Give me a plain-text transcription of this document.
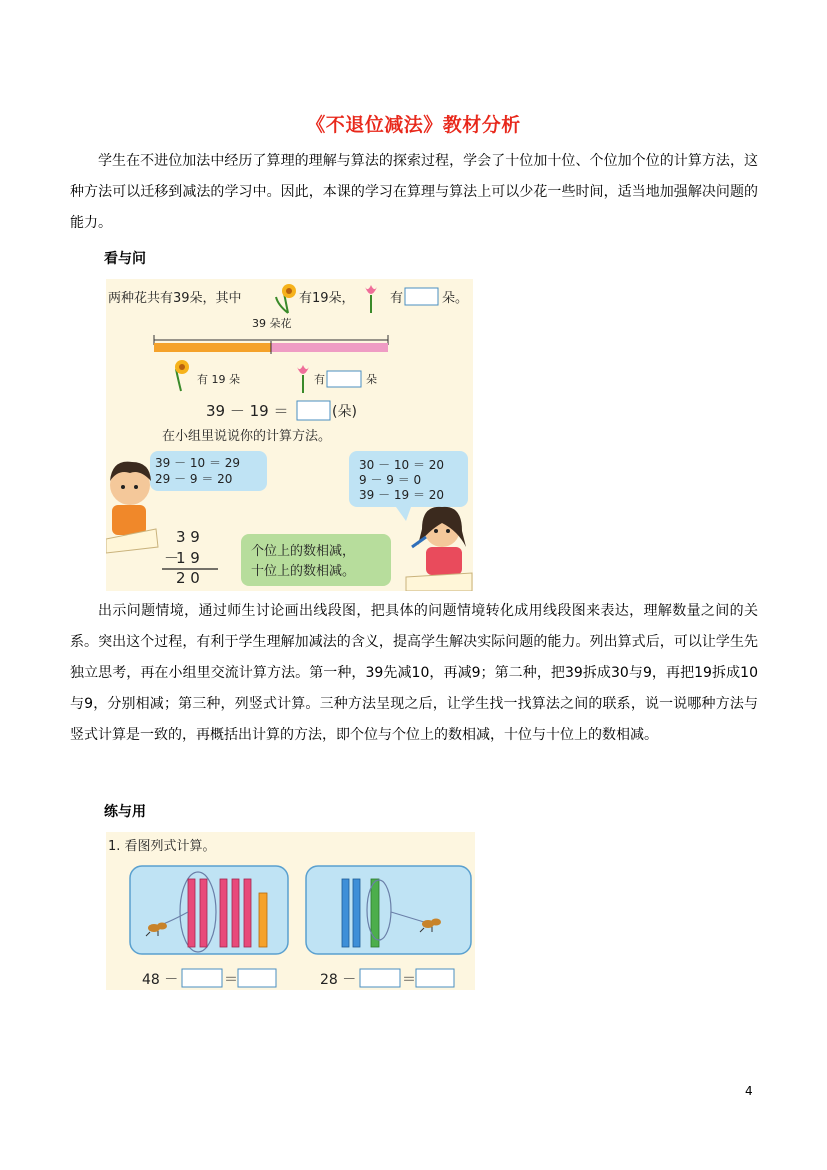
《不退位减法》教材分析

学生在不进位加法中经历了算理的理解与算法的探索过程，学会了十位加十位、个位加个位的计算方法，这种方法可以迁移到减法的学习中。因此，本课的学习在算理与算法上可以少花一些时间，适当地加强解决问题的能力。

看与问
两种花共有39朵，其中	有19朵，	有	朵。
39 朵花
有 19 朵	有	朵
39 － 19 ＝	(朵)
在小组里说说你的计算方法。
39 － 10 ＝ 29
29 － 9 ＝ 20
30 － 10 ＝ 20
9 － 9 ＝ 0
39 － 19 ＝ 20
3 9
－
1 9
2 0
个位上的数相减，
十位上的数相减。

出示问题情境，通过师生讨论画出线段图，把具体的问题情境转化成用线段图来表达，理解数量之间的关系。突出这个过程，有利于学生理解加减法的含义，提高学生解决实际问题的能力。列出算式后，可以让学生先独立思考，再在小组里交流计算方法。第一种，39先减10，再减9；第二种，把39拆成30与9，再把19拆成10与9，分别相减；第三种，列竖式计算。三种方法呈现之后，让学生找一找算法之间的联系，说一说哪种方法与竖式计算是一致的，再概括出计算的方法，即个位与个位上的数相减，十位与十位上的数相减。

练与用
1. 看图列式计算。
48 －	＝	28 －	＝
4
